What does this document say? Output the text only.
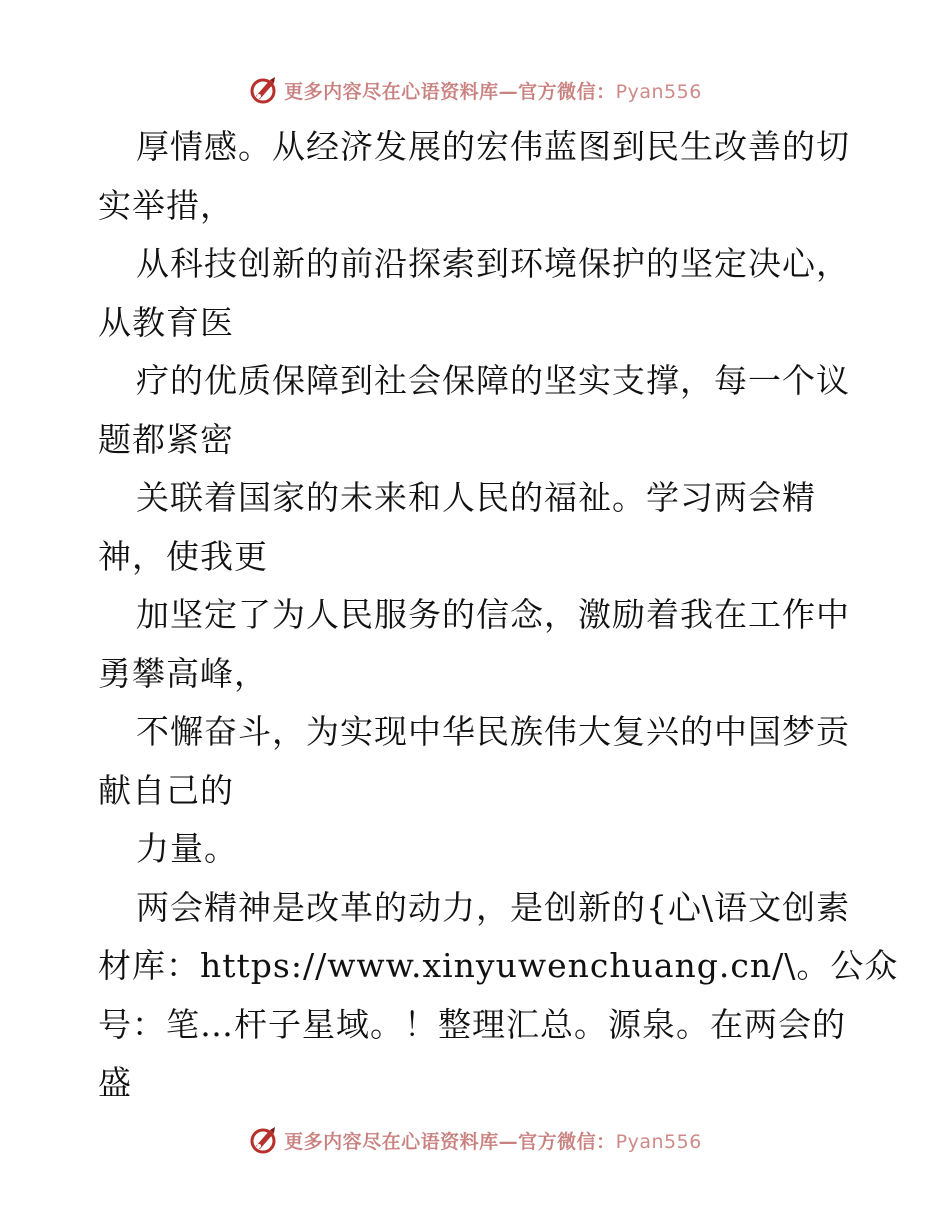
更多内容尽在心语资料库—官方微信：Pyan556
厚情感。从经济发展的宏伟蓝图到民生改善的切
实举措，
从科技创新的前沿探索到环境保护的坚定决心，
从教育医
疗的优质保障到社会保障的坚实支撑，每一个议
题都紧密
关联着国家的未来和人民的福祉。学习两会精
神，使我更
加坚定了为人民服务的信念，激励着我在工作中
勇攀高峰，
不懈奋斗，为实现中华民族伟大复兴的中国梦贡
献自己的
力量。
两会精神是改革的动力，是创新的{心\语文创素
材库：https://www.xinyuwenchuang.cn/\。公众
号：笔…杆子星域。！整理汇总。源泉。在两会的
盛
更多内容尽在心语资料库—官方微信：Pyan556
